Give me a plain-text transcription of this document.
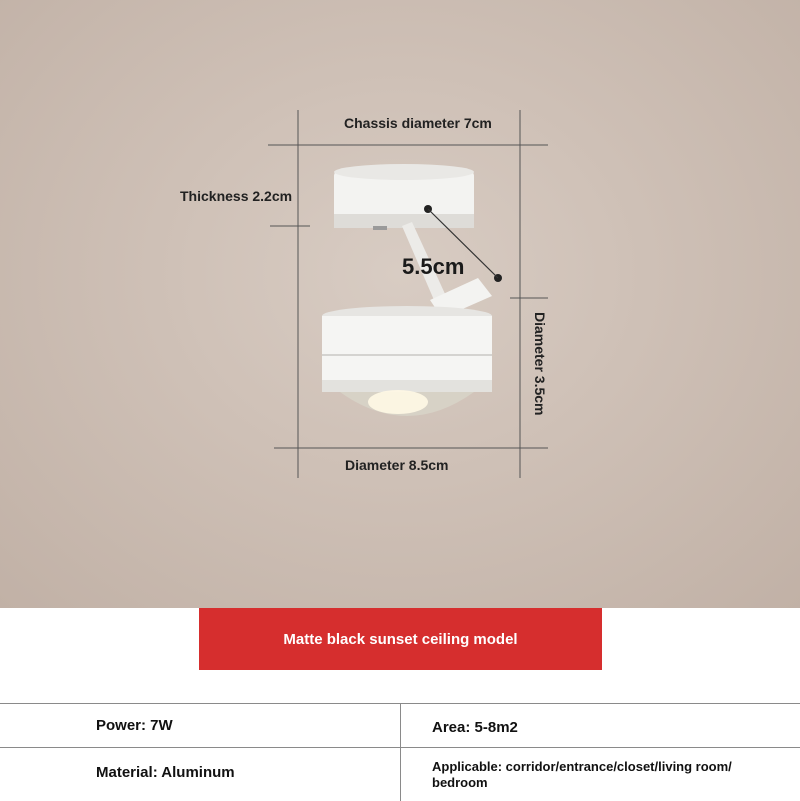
Chassis diameter 7cm
Thickness 2.2cm
5.5cm
Diameter 3.5cm
Diameter 8.5cm
Matte black sunset ceiling model
Power: 7W	Area: 5-8m2
Material: Aluminum	Applicable: corridor/entrance/closet/living room/ bedroom
